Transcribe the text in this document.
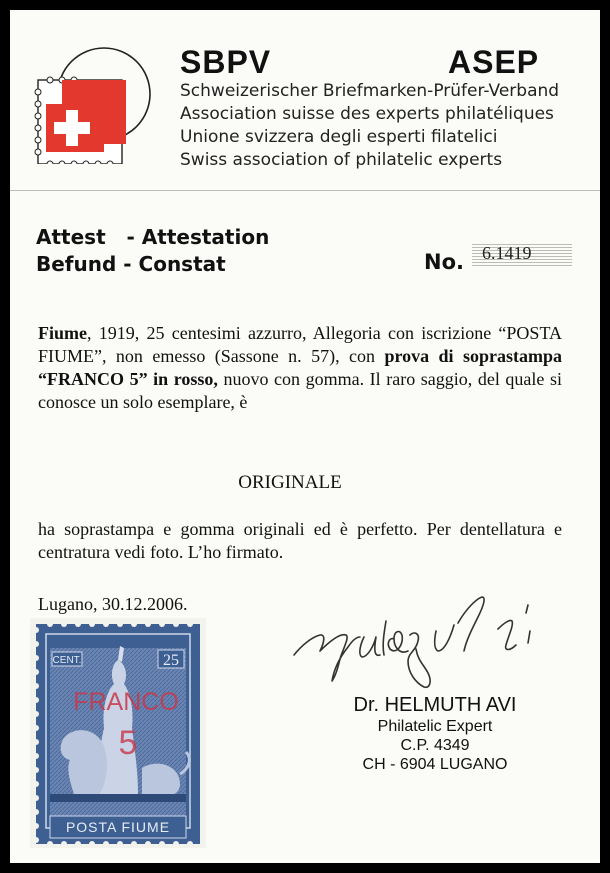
SBPV	ASEP
Schweizerischer Briefmarken-Prüfer-Verband
Association suisse des experts philatéliques
Unione svizzera degli esperti filatelici
Swiss association of philatelic experts
Attest   - Attestation
Befund - Constat	No. 6.1419
Fiume, 1919, 25 centesimi azzurro, Allegoria con iscrizione “POSTA FIUME”, non emesso (Sassone n. 57), con prova di soprastampa “FRANCO 5” in rosso, nuovo con gomma. Il raro saggio, del quale si conosce un solo esemplare, è
ORIGINALE
ha soprastampa e gomma originali ed è perfetto. Per dentellatura e centratura vedi foto. L’ho firmato.
Lugano, 30.12.2006.
CENT.	25
POSTA FIUME
FRANCO
5
Dr. HELMUTH AVI
Philatelic Expert
C.P. 4349
CH - 6904 LUGANO
